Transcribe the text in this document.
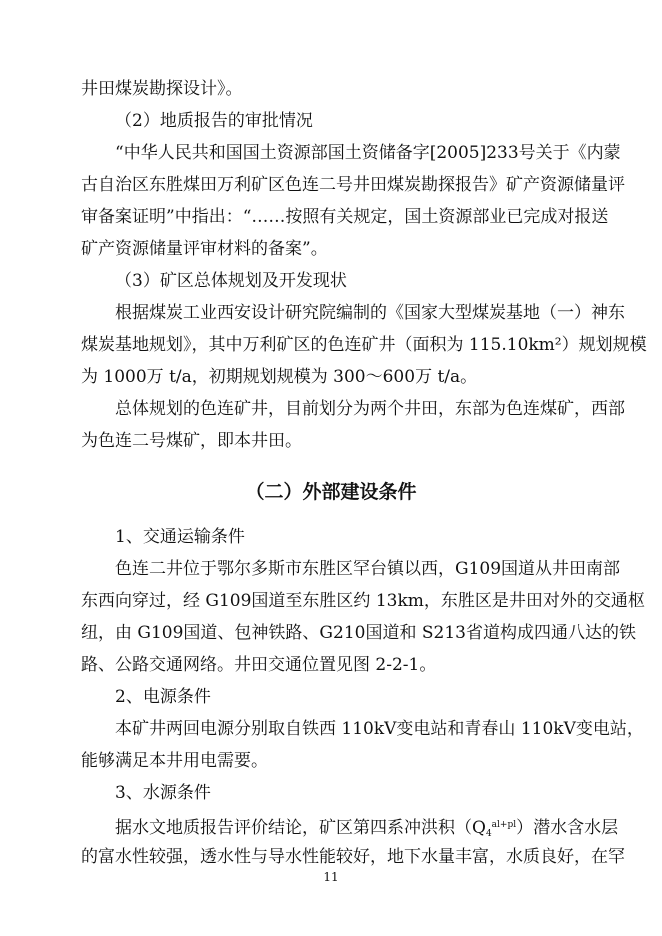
井田煤炭勘探设计》。
（2）地质报告的审批情况
“中华人民共和国国土资源部国土资储备字[2005]233号关于《内蒙
古自治区东胜煤田万利矿区色连二号井田煤炭勘探报告》矿产资源储量评
审备案证明”中指出：“……按照有关规定，国土资源部业已完成对报送
矿产资源储量评审材料的备案”。
（3）矿区总体规划及开发现状
根据煤炭工业西安设计研究院编制的《国家大型煤炭基地（一）神东
煤炭基地规划》，其中万利矿区的色连矿井（面积为 115.10km²）规划规模
为 1000万 t/a，初期规划规模为 300～600万 t/a。
总体规划的色连矿井，目前划分为两个井田，东部为色连煤矿，西部
为色连二号煤矿，即本井田。
（二）外部建设条件
1、交通运输条件
色连二井位于鄂尔多斯市东胜区罕台镇以西，G109国道从井田南部
东西向穿过，经 G109国道至东胜区约 13km，东胜区是井田对外的交通枢
纽，由 G109国道、包神铁路、G210国道和 S213省道构成四通八达的铁
路、公路交通网络。井田交通位置见图 2-2-1。
2、电源条件
本矿井两回电源分别取自铁西 110kV变电站和青春山 110kV变电站，
能够满足本井用电需要。
3、水源条件
据水文地质报告评价结论，矿区第四系冲洪积$(Q_4^{al+pl})$潜水含水层
的富水性较强，透水性与导水性能较好，地下水量丰富，水质良好，在罕
11
